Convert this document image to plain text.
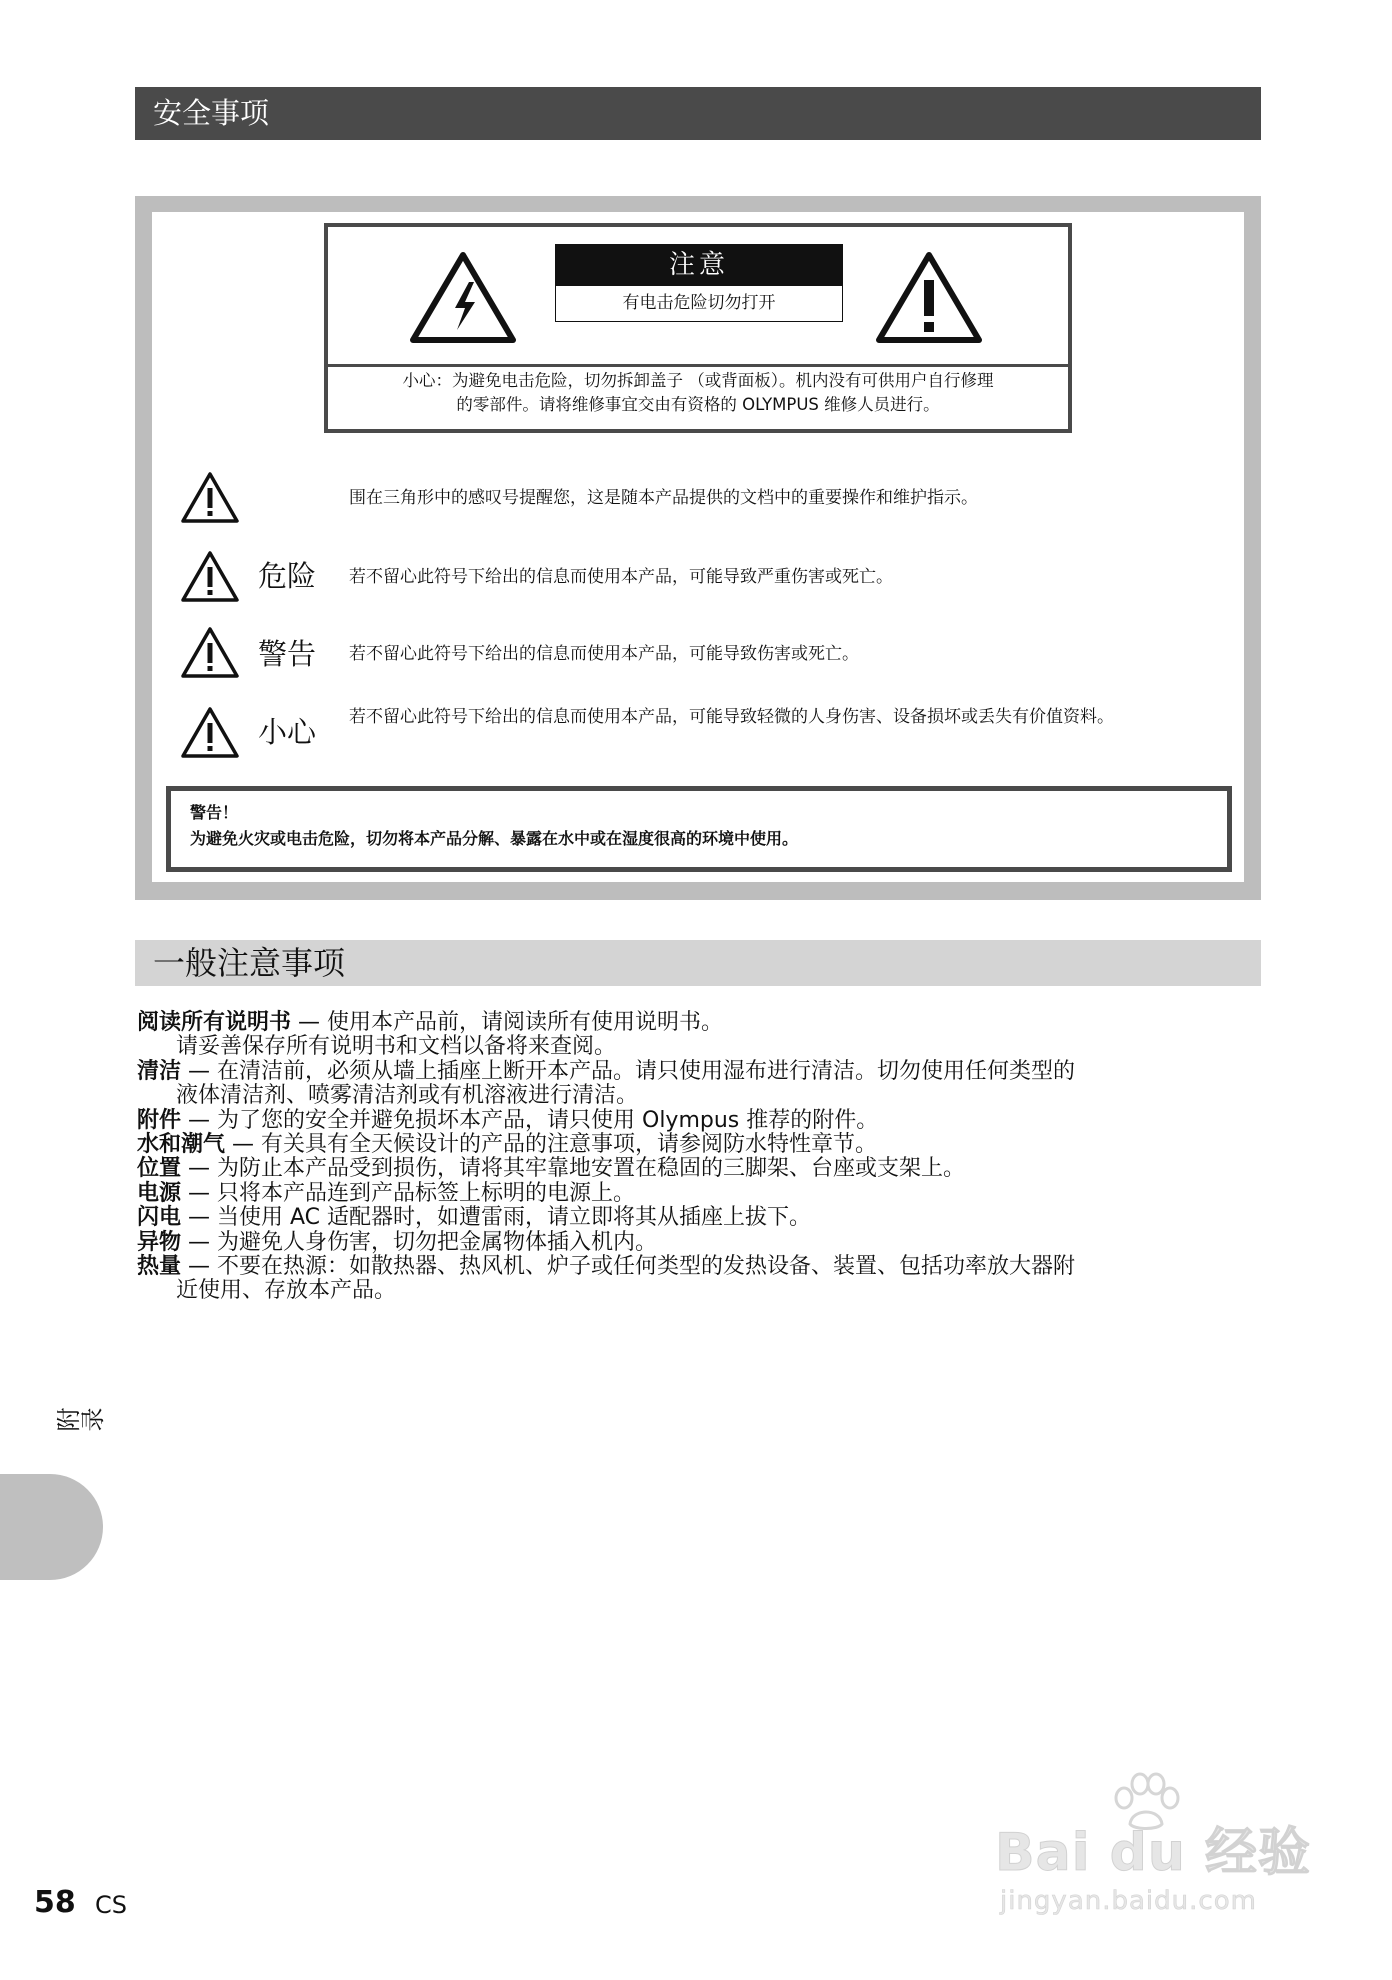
安全事项
注意
有电击危险切勿打开
小心：为避免电击危险，切勿拆卸盖子 （或背面板）。机内没有可供用户自行修理
的零部件。请将维修事宜交由有资格的 OLYMPUS 维修人员进行。
围在三角形中的感叹号提醒您，这是随本产品提供的文档中的重要操作和维护指示。
危险 若不留心此符号下给出的信息而使用本产品，可能导致严重伤害或死亡。
警告 若不留心此符号下给出的信息而使用本产品，可能导致伤害或死亡。
小心 若不留心此符号下给出的信息而使用本产品，可能导致轻微的人身伤害、设备损坏或丢失有价值资料。
警告！
为避免火灾或电击危险，切勿将本产品分解、暴露在水中或在湿度很高的环境中使用。
一般注意事项
阅读所有说明书 — 使用本产品前，请阅读所有使用说明书。
请妥善保存所有说明书和文档以备将来查阅。
清洁 — 在清洁前，必须从墙上插座上断开本产品。请只使用湿布进行清洁。切勿使用任何类型的
液体清洁剂、喷雾清洁剂或有机溶液进行清洁。
附件 — 为了您的安全并避免损坏本产品，请只使用 Olympus 推荐的附件。
水和潮气 — 有关具有全天候设计的产品的注意事项，请参阅防水特性章节。
位置 — 为防止本产品受到损伤，请将其牢靠地安置在稳固的三脚架、台座或支架上。
电源 — 只将本产品连到产品标签上标明的电源上。
闪电 — 当使用 AC 适配器时，如遭雷雨，请立即将其从插座上拔下。
异物 — 为避免人身伤害，切勿把金属物体插入机内。
热量 — 不要在热源：如散热器、热风机、炉子或任何类型的发热设备、装置、包括功率放大器附
近使用、存放本产品。
附录
58 CS
Bai du 经验
jingyan.baidu.com
